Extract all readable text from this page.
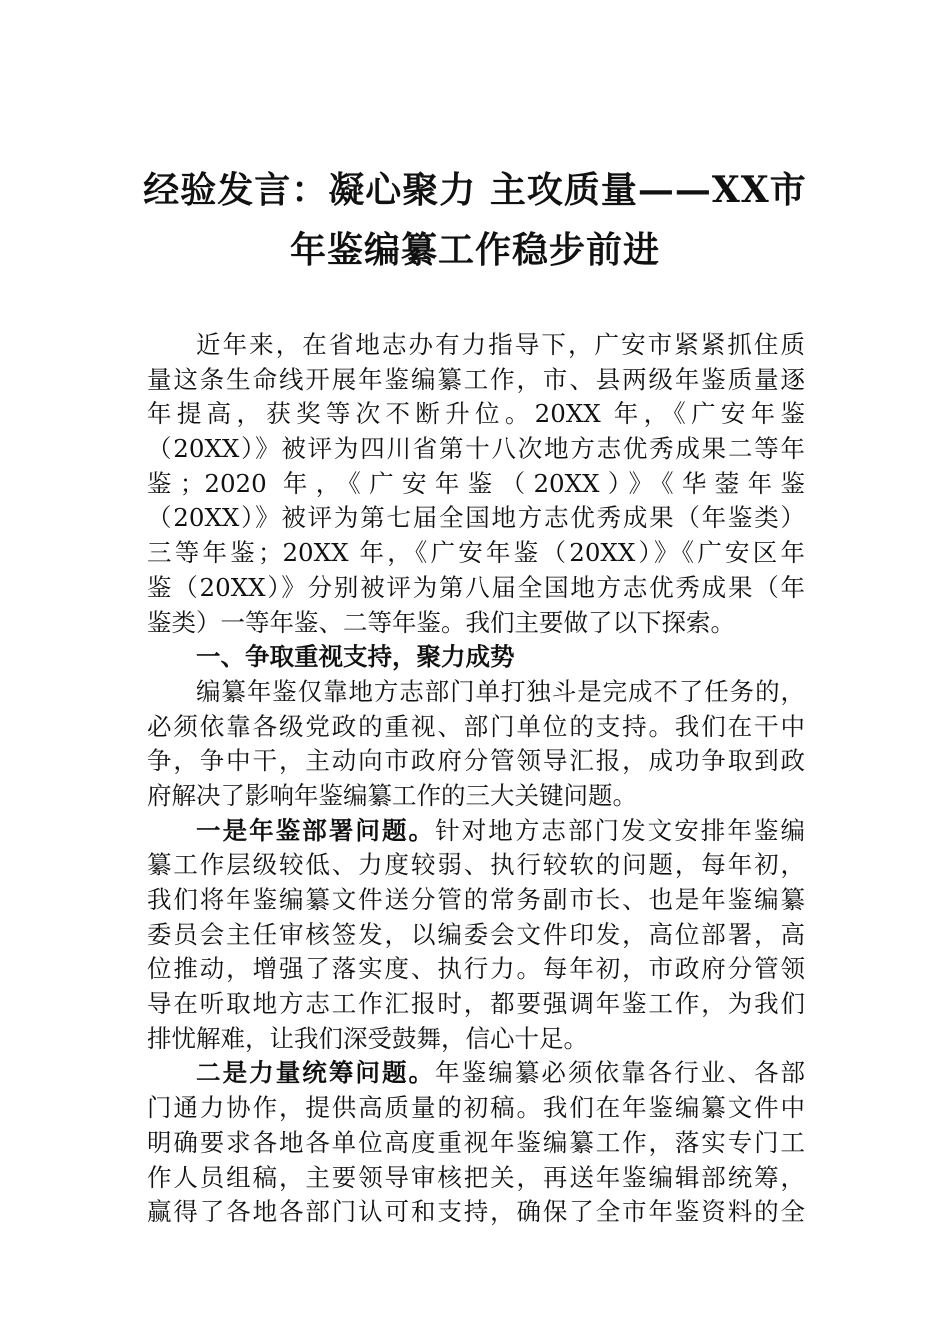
经验发言：凝心聚力 主攻质量——XX市
年鉴编纂工作稳步前进
近年来，在省地志办有力指导下，广安市紧紧抓住质
量这条生命线开展年鉴编纂工作，市、县两级年鉴质量逐
年提高，获奖等次不断升位。20XX 年，《广安年鉴
（20XX）》被评为四川省第十八次地方志优秀成果二等年
鉴；2020 年，《广安年鉴（20XX）》《华蓥年鉴
（20XX）》被评为第七届全国地方志优秀成果（年鉴类）
三等年鉴；20XX 年，《广安年鉴（20XX）》《广安区年
鉴（20XX）》分别被评为第八届全国地方志优秀成果（年
鉴类）一等年鉴、二等年鉴。我们主要做了以下探索。
一、争取重视支持，聚力成势
编纂年鉴仅靠地方志部门单打独斗是完成不了任务的，
必须依靠各级党政的重视、部门单位的支持。我们在干中
争，争中干，主动向市政府分管领导汇报，成功争取到政
府解决了影响年鉴编纂工作的三大关键问题。
一是年鉴部署问题。针对地方志部门发文安排年鉴编
纂工作层级较低、力度较弱、执行较软的问题，每年初，
我们将年鉴编纂文件送分管的常务副市长、也是年鉴编纂
委员会主任审核签发，以编委会文件印发，高位部署，高
位推动，增强了落实度、执行力。每年初，市政府分管领
导在听取地方志工作汇报时，都要强调年鉴工作，为我们
排忧解难，让我们深受鼓舞，信心十足。
二是力量统筹问题。年鉴编纂必须依靠各行业、各部
门通力协作，提供高质量的初稿。我们在年鉴编纂文件中
明确要求各地各单位高度重视年鉴编纂工作，落实专门工
作人员组稿，主要领导审核把关，再送年鉴编辑部统筹，
赢得了各地各部门认可和支持，确保了全市年鉴资料的全
